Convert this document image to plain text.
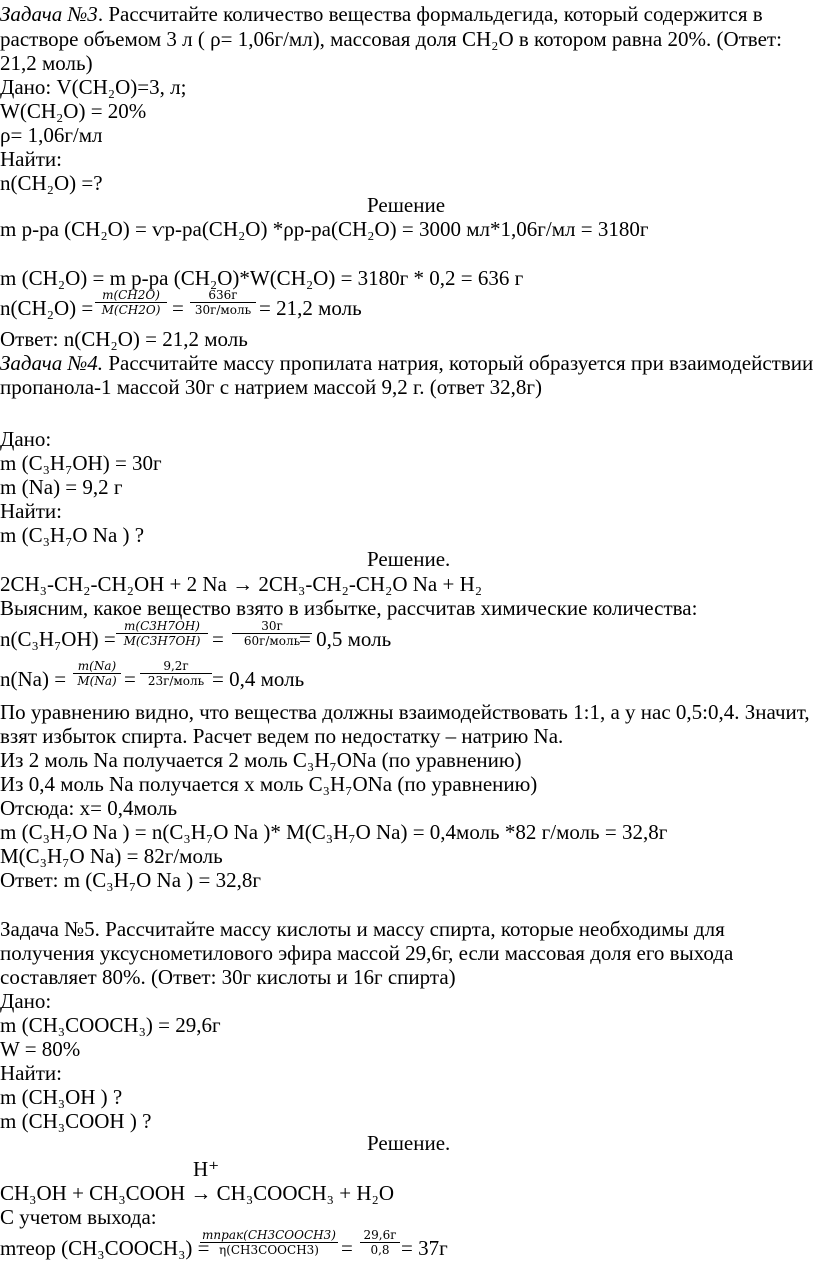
Задача №3. Рассчитайте количество вещества формальдегида, который содержится в
растворе объемом 3 л ( ρ= 1,06г/мл), массовая доля CH₂O в котором равна 20%. (Ответ:
21,2 моль)
Дано: V(CH₂O)=3, л;
W(CH₂O) = 20%
ρ= 1,06г/мл
Найти:
n(CH₂O) =?
Решение
m р-ра (CH₂O) = ѵр-ра(CH₂O) *ρр-ра(CH₂O) = 3000 мл*1,06г/мл = 3180г
m (CH₂O) = m р-ра (CH₂O)*W(CH₂O) = 3180г * 0,2 = 636 г
$n(CH_2O) = \frac{m(CH2O)}{M(CH2O)}$ =
636г
30г/моль = 21,2 моль
Ответ: n(CH₂O) = 21,2 моль
Задача №4. Рассчитайте массу пропилата натрия, который образуется при взаимодействии
пропанола-1 массой 30г с натрием массой 9,2 г. (ответ 32,8г)
Дано:
m (C₃H₇OH) = 30г
m (Na) = 9,2 г
Найти:
m (C₃H₇O Na ) ?
Решение.
2CH₃-CH₂-CH₂OH + 2 Na → 2CH₃-CH₂-CH₂O Na + H₂
Выясним, какое вещество взято в избытке, рассчитав химические количества:
$n(C_3H_7OH) = \frac{m(C3H7OH)}{M(C3H7OH)}$ =
30г
60г/моль
= 0,5 моль
$n(Na) = \frac{m(Na)}{M(Na)}$ =
9,2г
23г/моль = 0,4 моль
По уравнению видно, что вещества должны взаимодействовать 1:1, а у нас 0,5:0,4. Значит,
взят избыток спирта. Расчет ведем по недостатку – натрию Na.
Из 2 моль Na получается 2 моль C₃H₇ONa (по уравнению)
Из 0,4 моль Na получается х моль C₃H₇ONa (по уравнению)
Отсюда: х= 0,4моль
m (C₃H₇O Na ) = n(C₃H₇O Na )* M(C₃H₇O Na) = 0,4моль *82 г/моль = 32,8г
M(C₃H₇O Na) = 82г/моль
Ответ: m (C₃H₇O Na ) = 32,8г
Задача №5. Рассчитайте массу кислоты и массу спирта, которые необходимы для
получения уксуснометилового эфира массой 29,6г, если массовая доля его выхода
составляет 80%. (Ответ: 30г кислоты и 16г спирта)
Дано:
m (CH₃COOCH₃) = 29,6г
W = 80%
Найти:
m (CH₃OH ) ?
m (CH₃COOH ) ?
Решение.
H⁺
CH₃OH + CH₃COOH → CH₃COOCH₃ + H₂O
С учетом выхода:
mтеор (CH₃COOCH₃) =
mпрак(CH3COOCH3)
η(CH3COOCH3)	=
29,6г
0,8 = 37г
